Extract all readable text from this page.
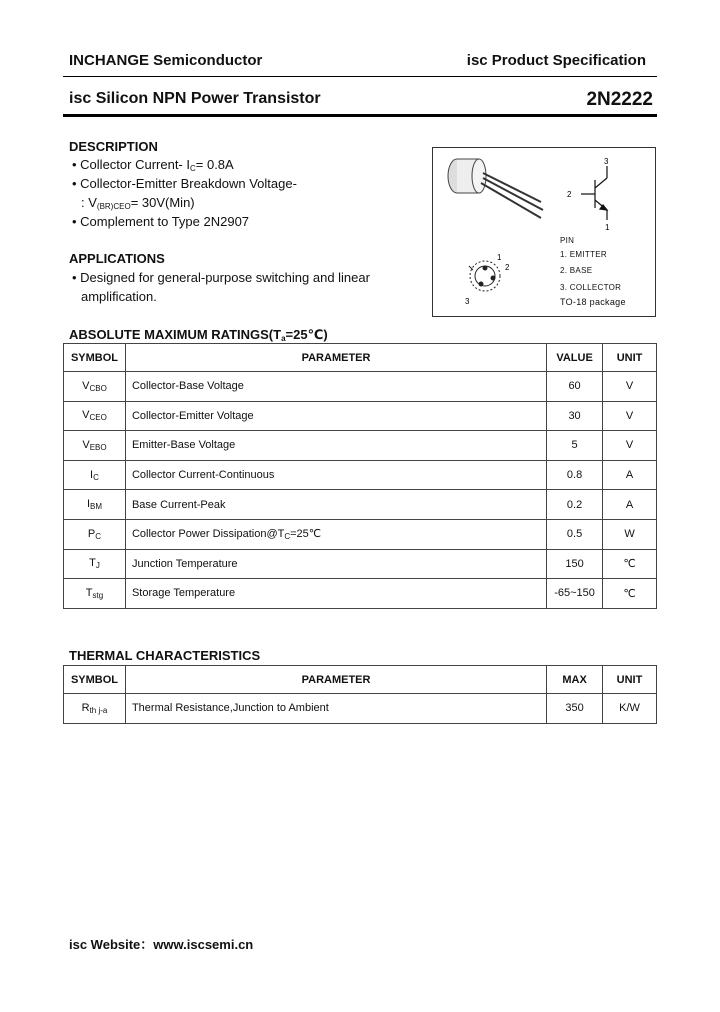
INCHANGE Semiconductor	isc Product Specification
isc Silicon NPN Power Transistor	2N2222
DESCRIPTION
• Collector Current- $I_C= 0.8A$
• Collector-Emitter Breakdown Voltage-
: $V_{(BR)CEO}= 30V(Min)$
• Complement to Type 2N2907
APPLICATIONS
• Designed for general-purpose switching and linear
amplification.
3
2
1
1
2
3
PIN
1. EMITTER
2. BASE
3. COLLECTOR
TO-18 package
ABSOLUTE MAXIMUM $RATINGS(T_a=25℃)$
SYMBOL	PARAMETER	VALUE	UNIT
$V_{CBO}$	Collector-Base Voltage	60	V
$V_{CEO}$	Collector-Emitter Voltage	30	V
$V_{EBO}$	Emitter-Base Voltage	5	V
$I_C$	Collector Current-Continuous	0.8	A
$I_{BM}$	Base Current-Peak	0.2	A
$P_C$	Collector Power $Dissipation@T_C=25℃$	0.5	W
$T_J$	Junction Temperature	150	℃
$T_{stg}$	Storage Temperature	-65~150	℃
THERMAL CHARACTERISTICS
SYMBOL	PARAMETER	MAX	UNIT
$R_{th j-a}$	Thermal Resistance,Junction to Ambient	350	K/W
isc Website：www.iscsemi.cn
